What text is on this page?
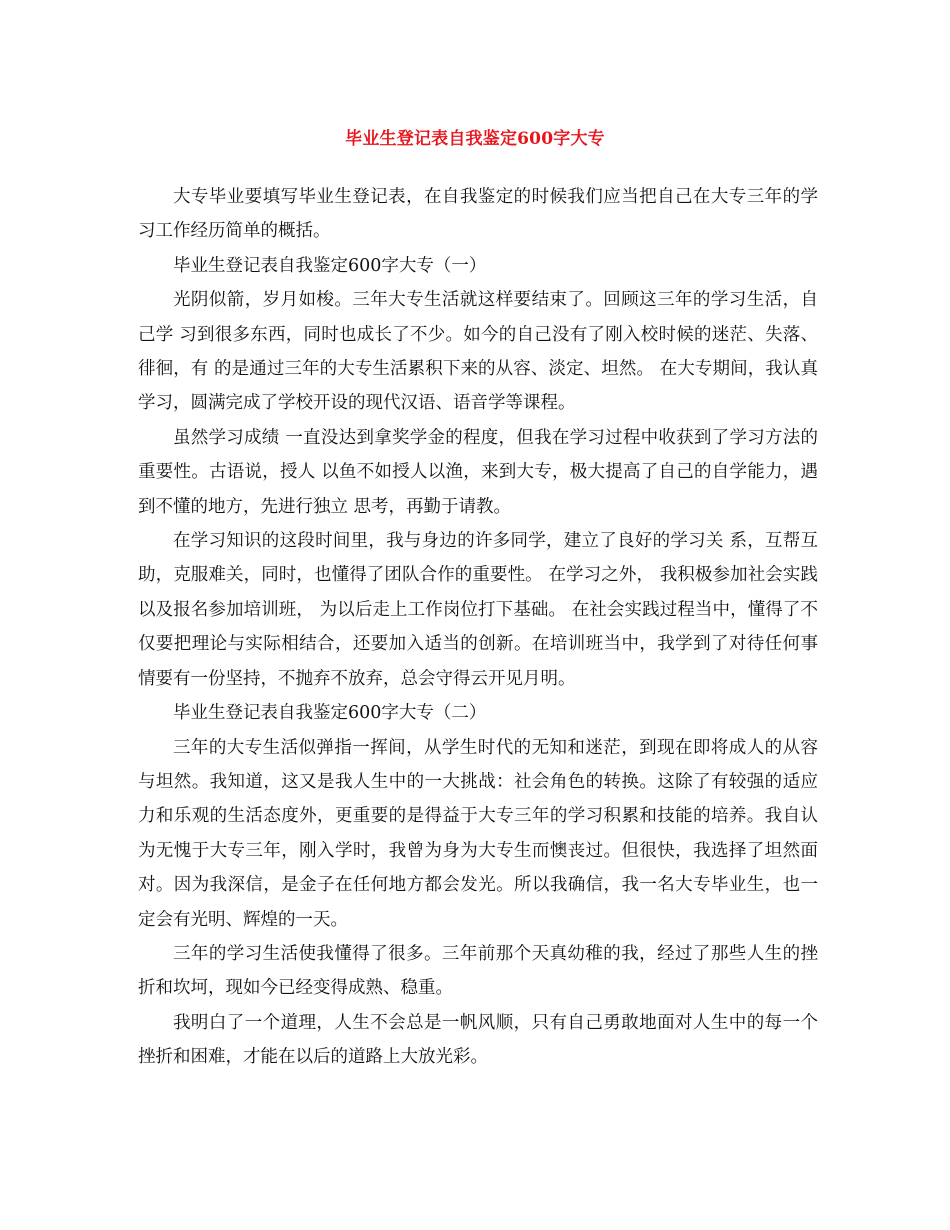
毕业生登记表自我鉴定600字大专

大专毕业要填写毕业生登记表，在自我鉴定的时候我们应当把自己在大专三年的学习工作经历简单的概括。

毕业生登记表自我鉴定600字大专（一）

光阴似箭，岁月如梭。三年大专生活就这样要结束了。回顾这三年的学习生活，自己学 习到很多东西，同时也成长了不少。如今的自己没有了刚入校时候的迷茫、失落、徘徊，有 的是通过三年的大专生活累积下来的从容、淡定、坦然。 在大专期间，我认真学习，圆满完成了学校开设的现代汉语、语音学等课程。

虽然学习成绩 一直没达到拿奖学金的程度，但我在学习过程中收获到了学习方法的重要性。古语说，授人 以鱼不如授人以渔，来到大专，极大提高了自己的自学能力，遇到不懂的地方，先进行独立 思考，再勤于请教。

在学习知识的这段时间里，我与身边的许多同学，建立了良好的学习关 系，互帮互助，克服难关，同时，也懂得了团队合作的重要性。 在学习之外， 我积极参加社会实践以及报名参加培训班， 为以后走上工作岗位打下基础。 在社会实践过程当中，懂得了不仅要把理论与实际相结合，还要加入适当的创新。在培训班当中，我学到了对待任何事情要有一份坚持，不抛弃不放弃，总会守得云开见月明。

毕业生登记表自我鉴定600字大专（二）

三年的大专生活似弹指一挥间，从学生时代的无知和迷茫，到现在即将成人的从容与坦然。我知道，这又是我人生中的一大挑战：社会角色的转换。这除了有较强的适应力和乐观的生活态度外，更重要的是得益于大专三年的学习积累和技能的培养。我自认为无愧于大专三年，刚入学时，我曾为身为大专生而懊丧过。但很快，我选择了坦然面对。因为我深信，是金子在任何地方都会发光。所以我确信，我一名大专毕业生，也一定会有光明、辉煌的一天。

三年的学习生活使我懂得了很多。三年前那个天真幼稚的我，经过了那些人生的挫折和坎坷，现如今已经变得成熟、稳重。

我明白了一个道理，人生不会总是一帆风顺，只有自己勇敢地面对人生中的每一个挫折和困难，才能在以后的道路上大放光彩。
